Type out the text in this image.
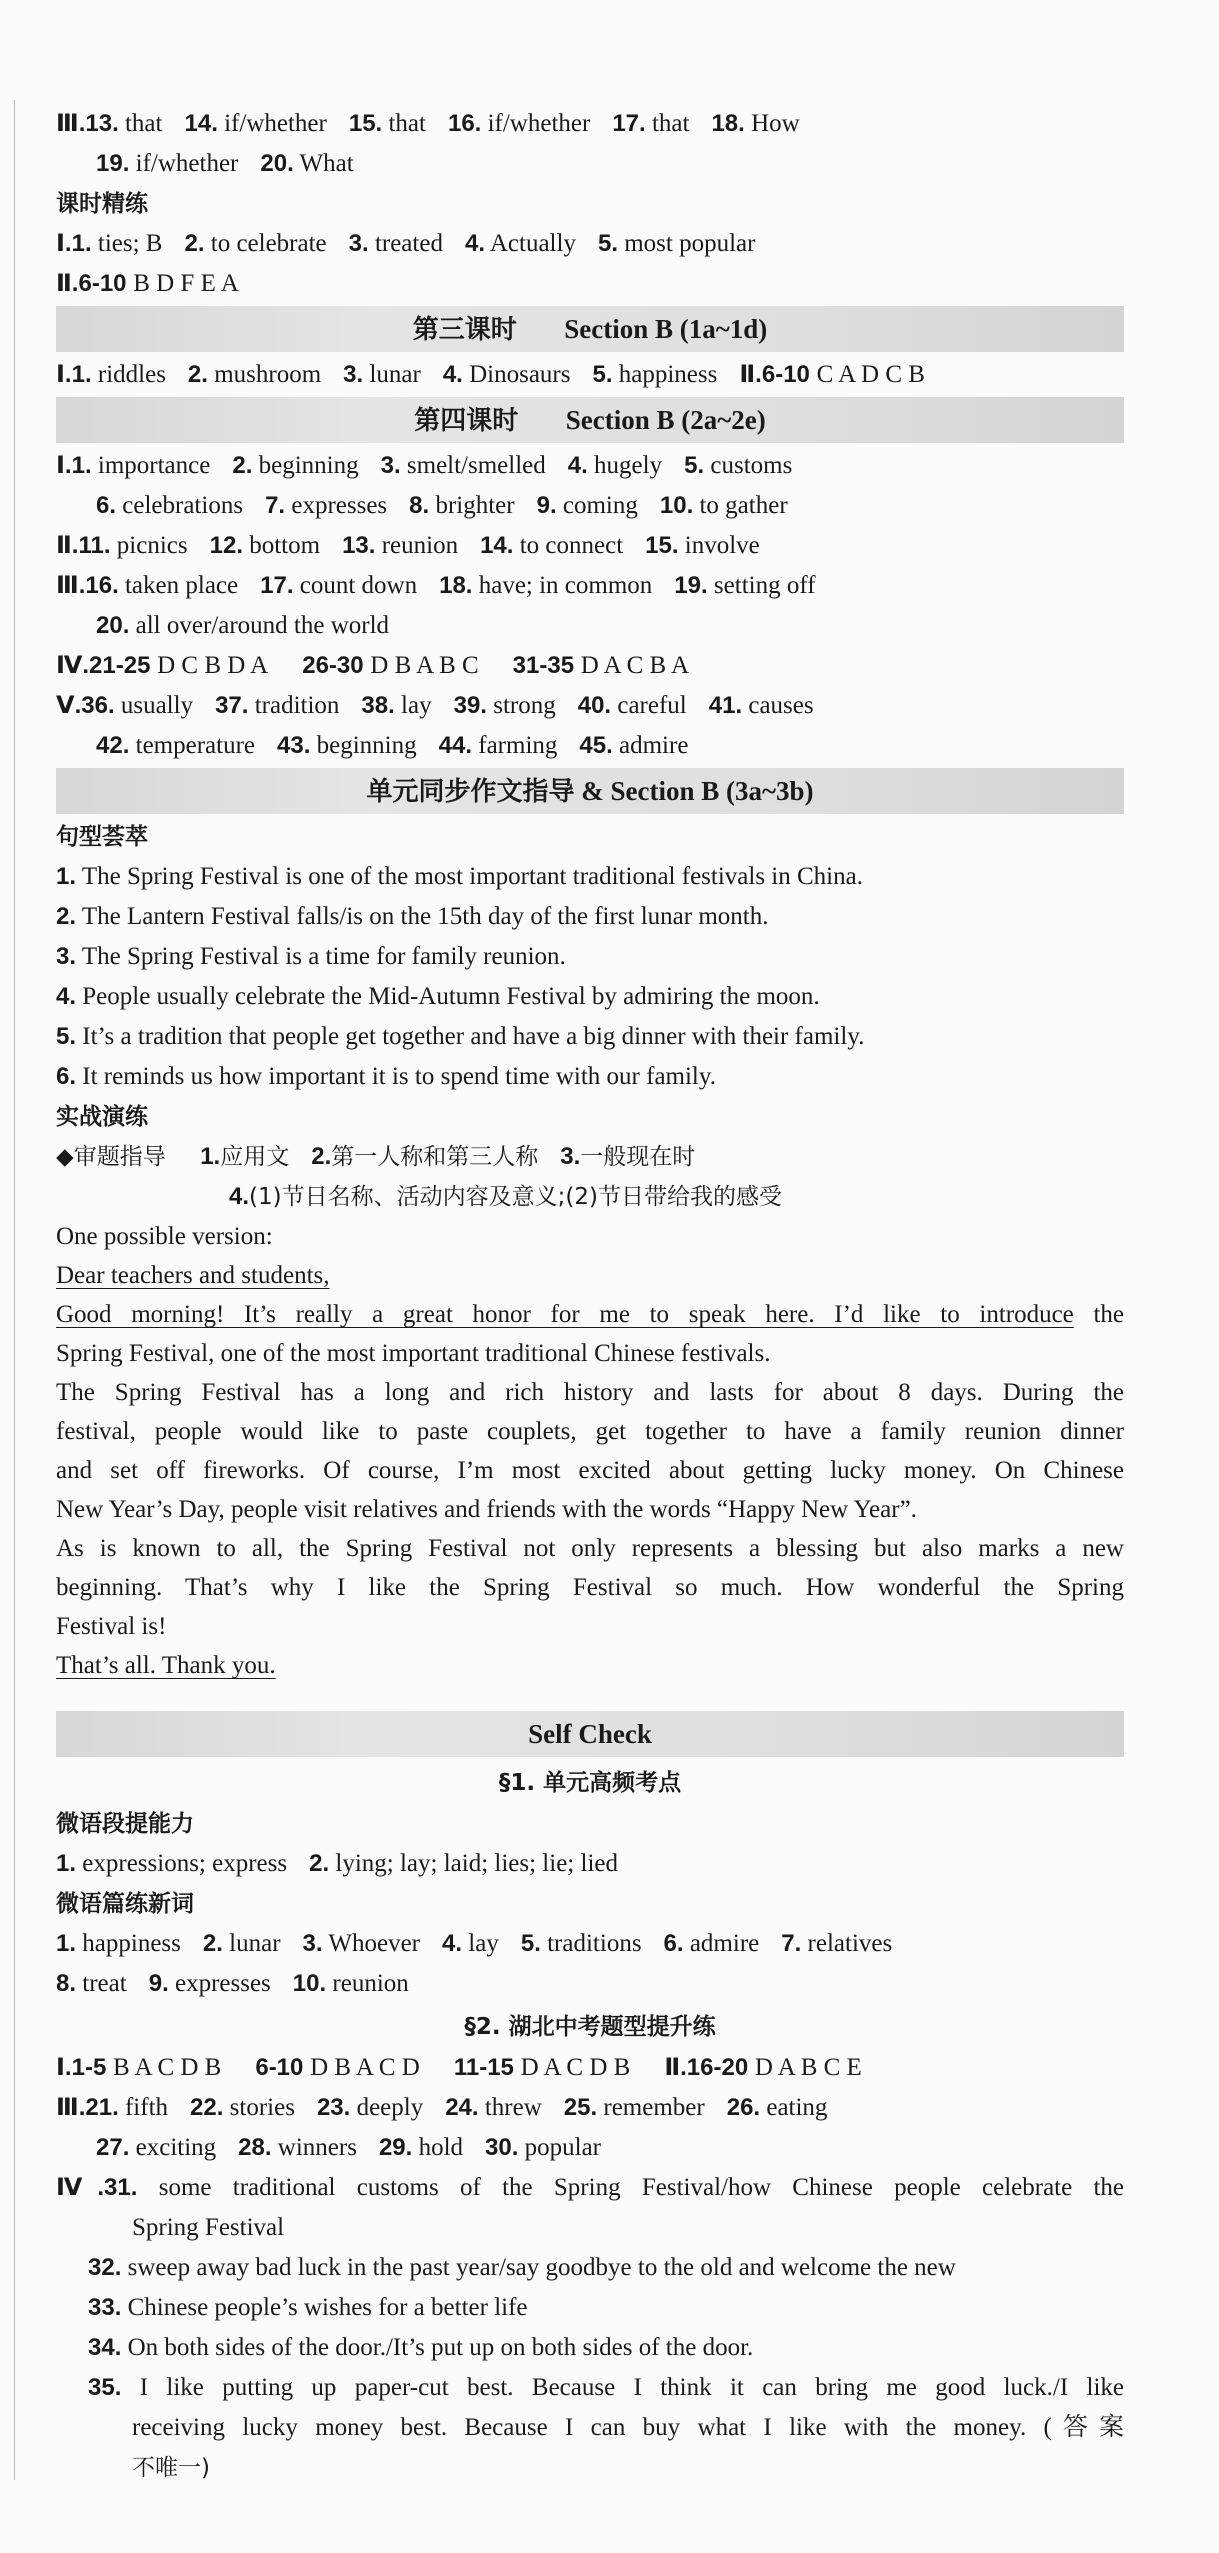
Ⅲ.13. that 14. if/whether 15. that 16. if/whether 17. that 18. How
19. if/whether 20. What
课时精练
Ⅰ.1. ties; B 2. to celebrate 3. treated 4. Actually 5. most popular
Ⅱ.6-10 B D F E A
第三课时 Section B (1a~1d)
Ⅰ.1. riddles 2. mushroom 3. lunar 4. Dinosaurs 5. happiness Ⅱ.6-10 C A D C B
第四课时 Section B (2a~2e)
Ⅰ.1. importance 2. beginning 3. smelt/smelled 4. hugely 5. customs
6. celebrations 7. expresses 8. brighter 9. coming 10. to gather
Ⅱ.11. picnics 12. bottom 13. reunion 14. to connect 15. involve
Ⅲ.16. taken place 17. count down 18. have; in common 19. setting off
20. all over/around the world
Ⅳ.21-25 D C B D A 26-30 D B A B C 31-35 D A C B A
Ⅴ.36. usually 37. tradition 38. lay 39. strong 40. careful 41. causes
42. temperature 43. beginning 44. farming 45. admire
单元同步作文指导 & Section B (3a~3b)
句型荟萃
1. The Spring Festival is one of the most important traditional festivals in China.
2. The Lantern Festival falls/is on the 15th day of the first lunar month.
3. The Spring Festival is a time for family reunion.
4. People usually celebrate the Mid-Autumn Festival by admiring the moon.
5. It’s a tradition that people get together and have a big dinner with their family.
6. It reminds us how important it is to spend time with our family.
实战演练
◆审题指导 1.应用文 2.第一人称和第三人称 3.一般现在时
4.(1)节日名称、活动内容及意义;(2)节日带给我的感受
One possible version:
Dear teachers and students,
Good morning! It’s really a great honor for me to speak here. I’d like to introduce the
Spring Festival, one of the most important traditional Chinese festivals.
The Spring Festival has a long and rich history and lasts for about 8 days. During the
festival, people would like to paste couplets, get together to have a family reunion dinner
and set off fireworks. Of course, I’m most excited about getting lucky money. On Chinese
New Year’s Day, people visit relatives and friends with the words “Happy New Year”.
As is known to all, the Spring Festival not only represents a blessing but also marks a new
beginning. That’s why I like the Spring Festival so much. How wonderful the Spring
Festival is!
That’s all. Thank you.
Self Check
§1. 单元高频考点
微语段提能力
1. expressions; express 2. lying; lay; laid; lies; lie; lied
微语篇练新词
1. happiness 2. lunar 3. Whoever 4. lay 5. traditions 6. admire 7. relatives
8. treat 9. expresses 10. reunion
§2. 湖北中考题型提升练
Ⅰ.1-5 B A C D B 6-10 D B A C D 11-15 D A C D B Ⅱ.16-20 D A B C E
Ⅲ.21. fifth 22. stories 23. deeply 24. threw 25. remember 26. eating
27. exciting 28. winners 29. hold 30. popular
Ⅳ.31. some traditional customs of the Spring Festival/how Chinese people celebrate the
Spring Festival
32. sweep away bad luck in the past year/say goodbye to the old and welcome the new
33. Chinese people’s wishes for a better life
34. On both sides of the door./It’s put up on both sides of the door.
35. I like putting up paper-cut best. Because I think it can bring me good luck./I like
receiving lucky money best. Because I can buy what I like with the money. (答案
不唯一)
